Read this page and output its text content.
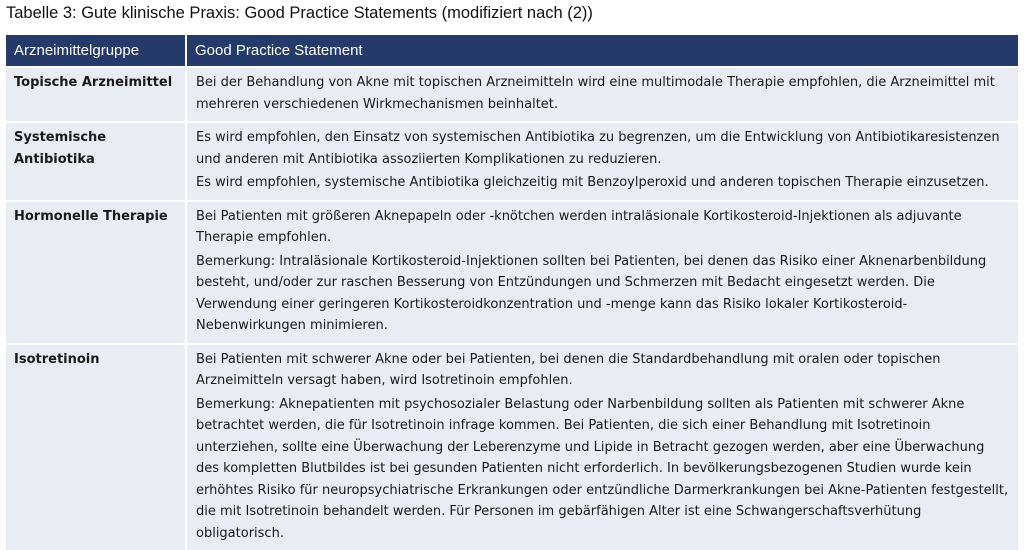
Tabelle 3: Gute klinische Praxis: Good Practice Statements (modifiziert nach (2))
Arzneimittelgruppe	Good Practice Statement
Topische Arzneimittel	Bei der Behandlung von Akne mit topischen Arzneimitteln wird eine multimodale Therapie empfohlen, die Arzneimittel mit mehreren verschiedenen Wirkmechanismen beinhaltet.

Systemische Antibiotika	Es wird empfohlen, den Einsatz von systemischen Antibiotika zu begrenzen, um die Entwicklung von Antibiotikaresistenzen und anderen mit Antibiotika assoziierten Komplikationen zu reduzieren.

Es wird empfohlen, systemische Antibiotika gleichzeitig mit Benzoylperoxid und anderen topischen Therapie einzusetzen.

Hormonelle Therapie	Bei Patienten mit größeren Aknepapeln oder -knötchen werden intraläsionale Kortikosteroid-Injektionen als adjuvante Therapie empfohlen.

Bemerkung: Intraläsionale Kortikosteroid-Injektionen sollten bei Patienten, bei denen das Risiko einer Aknenarbenbildung besteht, und/oder zur raschen Besserung von Entzündungen und Schmerzen mit Bedacht eingesetzt werden. Die Verwendung einer geringeren Kortikosteroidkonzentration und -menge kann das Risiko lokaler Kortikosteroid-Nebenwirkungen minimieren.

Isotretinoin	Bei Patienten mit schwerer Akne oder bei Patienten, bei denen die Standardbehandlung mit oralen oder topischen Arzneimitteln versagt haben, wird Isotretinoin empfohlen.

Bemerkung: Aknepatienten mit psychosozialer Belastung oder Narbenbildung sollten als Patienten mit schwerer Akne betrachtet werden, die für Isotretinoin infrage kommen. Bei Patienten, die sich einer Behandlung mit Isotretinoin unterziehen, sollte eine Überwachung der Leberenzyme und Lipide in Betracht gezogen werden, aber eine Überwachung des kompletten Blutbildes ist bei gesunden Patienten nicht erforderlich. In bevölkerungsbezogenen Studien wurde kein erhöhtes Risiko für neuropsychiatrische Erkrankungen oder entzündliche Darmerkrankungen bei Akne-Patienten festgestellt, die mit Isotretinoin behandelt werden. Für Personen im gebärfähigen Alter ist eine Schwangerschaftsverhütung obligatorisch.
